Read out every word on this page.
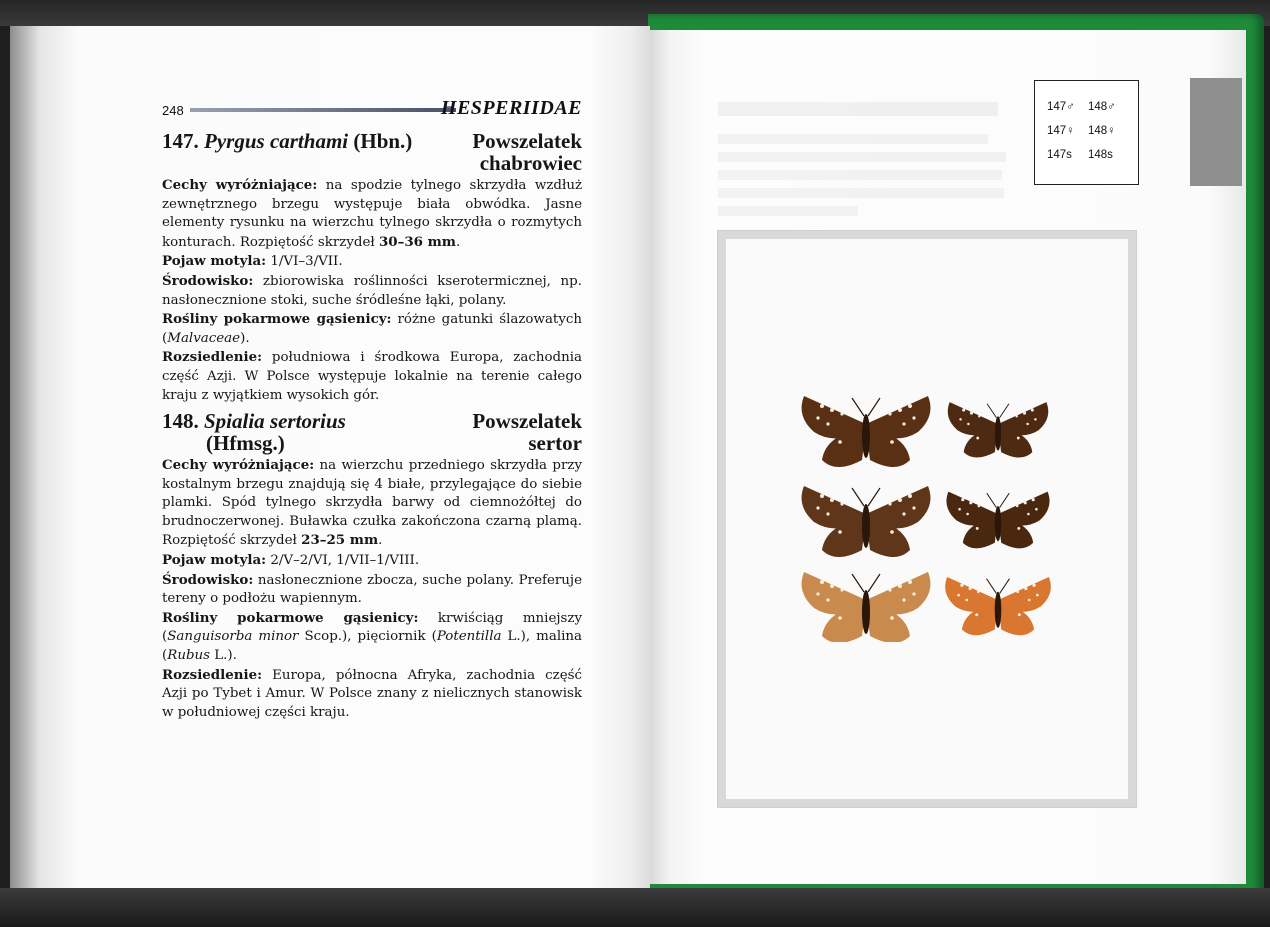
248	HESPERIIDAE
147. Pyrgus carthami (Hbn.)	Powszelatek
chabrowiec

Cechy wyróżniające: na spodzie tylnego skrzydła wzdłuż zewnętrznego brzegu występuje biała obwódka. Jasne elementy rysunku na wierzchu tylnego skrzydła o rozmytych konturach. Rozpiętość skrzydeł 30–36 mm.

Pojaw motyla: 1/VI–3/VII.

Środowisko: zbiorowiska roślinności kserotermicznej, np. nasłonecznione stoki, suche śródleśne łąki, polany.

Rośliny pokarmowe gąsienicy: różne gatunki ślazowatych (Malvaceae).

Rozsiedlenie: południowa i środkowa Europa, zachodnia część Azji. W Polsce występuje lokalnie na terenie całego kraju z wyjątkiem wysokich gór.

148. Spialia sertorius
(Hfmsg.)
Powszelatek
sertor

Cechy wyróżniające: na wierzchu przedniego skrzydła przy kostalnym brzegu znajdują się 4 białe, przylegające do siebie plamki. Spód tylnego skrzydła barwy od ciemnożółtej do brudnoczerwonej. Buławka czułka zakończona czarną plamą. Rozpiętość skrzydeł 23–25 mm.

Pojaw motyla: 2/V–2/VI, 1/VII–1/VIII.

Środowisko: nasłonecznione zbocza, suche polany. Preferuje tereny o podłożu wapiennym.

Rośliny pokarmowe gąsienicy: krwiściąg mniejszy (Sanguisorba minor Scop.), pięciornik (Potentilla L.), malina (Rubus L.).

Rozsiedlenie: Europa, północna Afryka, zachodnia część Azji po Tybet i Amur. W Polsce znany z nielicznych stanowisk w południowej części kraju.

147♂ 148♂
147♀ 148♀
147s 148s
